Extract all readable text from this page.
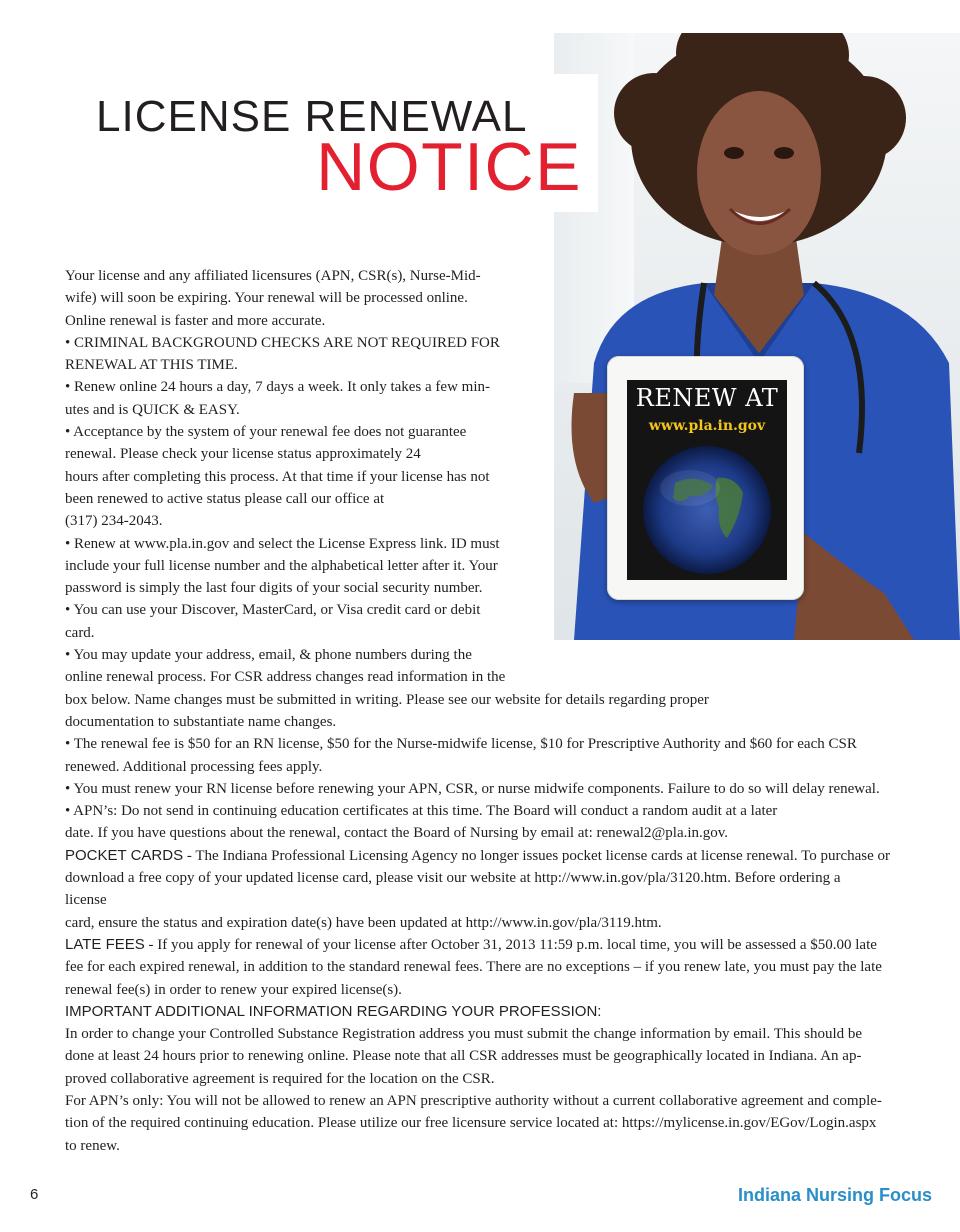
RENEW AT
www.pla.in.gov
LICENSE RENEWAL
NOTICE
Your license and any affiliated licensures (APN, CSR(s), Nurse-Mid-
wife) will soon be expiring. Your renewal will be processed online.
Online renewal is faster and more accurate.
• CRIMINAL BACKGROUND CHECKS ARE NOT REQUIRED FOR
RENEWAL AT THIS TIME.
• Renew online 24 hours a day, 7 days a week. It only takes a few min-
utes and is QUICK & EASY.
• Acceptance by the system of your renewal fee does not guarantee
renewal. Please check your license status approximately 24
hours after completing this process. At that time if your license has not
been renewed to active status please call our office at
(317) 234-2043.
• Renew at www.pla.in.gov and select the License Express link. ID must
include your full license number and the alphabetical letter after it. Your
password is simply the last four digits of your social security number.
• You can use your Discover, MasterCard, or Visa credit card or debit
card.
• You may update your address, email, & phone numbers during the
online renewal process. For CSR address changes read information in the
box below. Name changes must be submitted in writing. Please see our website for details regarding proper
documentation to substantiate name changes.
• The renewal fee is $50 for an RN license, $50 for the Nurse-midwife license, $10 for Prescriptive Authority and $60 for each CSR
renewed. Additional processing fees apply.
• You must renew your RN license before renewing your APN, CSR, or nurse midwife components. Failure to do so will delay renewal.
• APN’s: Do not send in continuing education certificates at this time. The Board will conduct a random audit at a later
date. If you have questions about the renewal, contact the Board of Nursing by email at: renewal2@pla.in.gov.
POCKET CARDS - The Indiana Professional Licensing Agency no longer issues pocket license cards at license renewal. To purchase or
download a free copy of your updated license card, please visit our website at http://www.in.gov/pla/3120.htm. Before ordering a
license
card, ensure the status and expiration date(s) have been updated at http://www.in.gov/pla/3119.htm.
LATE FEES - If you apply for renewal of your license after October 31, 2013 11:59 p.m. local time, you will be assessed a $50.00 late
fee for each expired renewal, in addition to the standard renewal fees. There are no exceptions – if you renew late, you must pay the late
renewal fee(s) in order to renew your expired license(s).
IMPORTANT ADDITIONAL INFORMATION REGARDING YOUR PROFESSION:
In order to change your Controlled Substance Registration address you must submit the change information by email. This should be
done at least 24 hours prior to renewing online. Please note that all CSR addresses must be geographically located in Indiana. An ap-
proved collaborative agreement is required for the location on the CSR.
For APN’s only: You will not be allowed to renew an APN prescriptive authority without a current collaborative agreement and comple-
tion of the required continuing education. Please utilize our free licensure service located at: https://mylicense.in.gov/EGov/Login.aspx
to renew.
6	Indiana Nursing Focus
